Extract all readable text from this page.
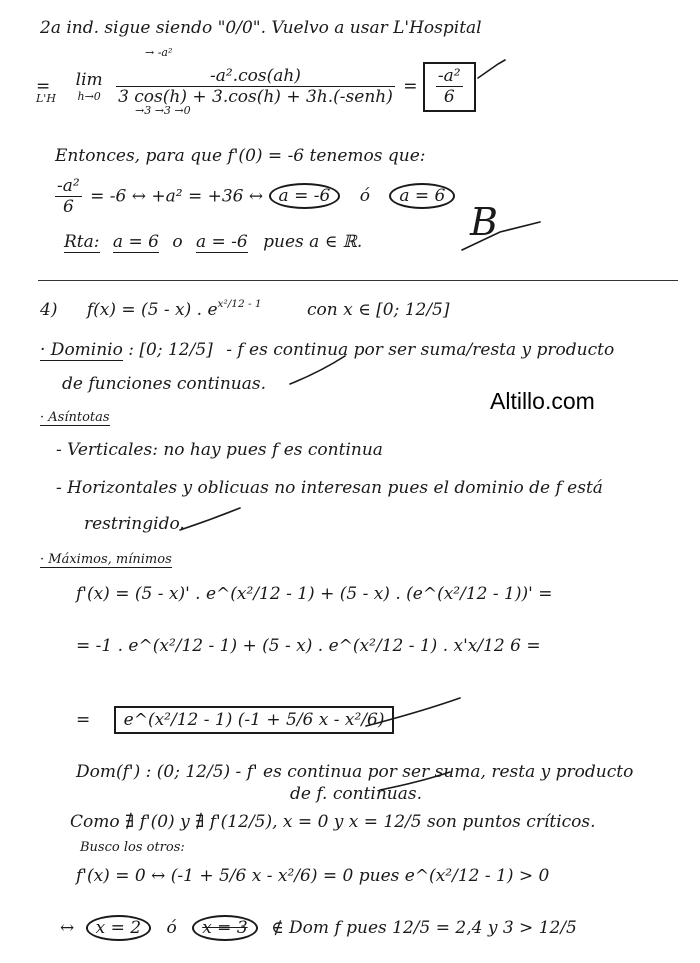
Altillo.com
2a ind. sigue siendo "0/0". Vuelvo a usar L'Hospital
= lim
h→0
$\frac{\text{-a².cos(ah)}}{\text{3 cos(h) + 3.cos(h) + 3h.(-senh)}} = \frac{\text{-a²}}{6}$
L'H
→ -a²
→3 →3 →0
Entonces, para que f'(0) = -6 tenemos que:
$\frac{\text{-a²}}{6} = -6$ ↔ +a² = +36 ↔ a = -6 ó a = 6
Rta: a = 6 o a = -6 pues a ∈ ℝ.	B
4) f(x) = (5 - x) . $e^{x^2/12 - 1}$	con x ∈ [0; 12/5]
· Dominio : [0; 12/5] - f es continua por ser suma/resta y producto
de funciones continuas.
· Asíntotas
- Verticales: no hay pues f es continua
- Horizontales y oblicuas no interesan pues el dominio de f está
restringido.
· Máximos, mínimos
f'(x) = (5 - x)' . e^(x²/12 - 1) + (5 - x) . (e^(x²/12 - 1))' =
= -1 . e^(x²/12 - 1) + (5 - x) . e^(x²/12 - 1) . x'x/12 6 =
= e^(x²/12 - 1) (-1 + 5/6 x - x²/6)
Dom(f') : (0; 12/5) - f' es continua por ser suma, resta y producto
de f. continuas.
Como ∄ f'(0) y ∄ f'(12/5), x = 0 y x = 12/5 son puntos críticos.
Busco los otros:
f'(x) = 0 ↔ (-1 + 5/6 x - x²/6) = 0 pues e^(x²/12 - 1) > 0
↔ x = 2 ó x = 3 ∉ Dom f pues 12/5 = 2,4 y 3 > 12/5
